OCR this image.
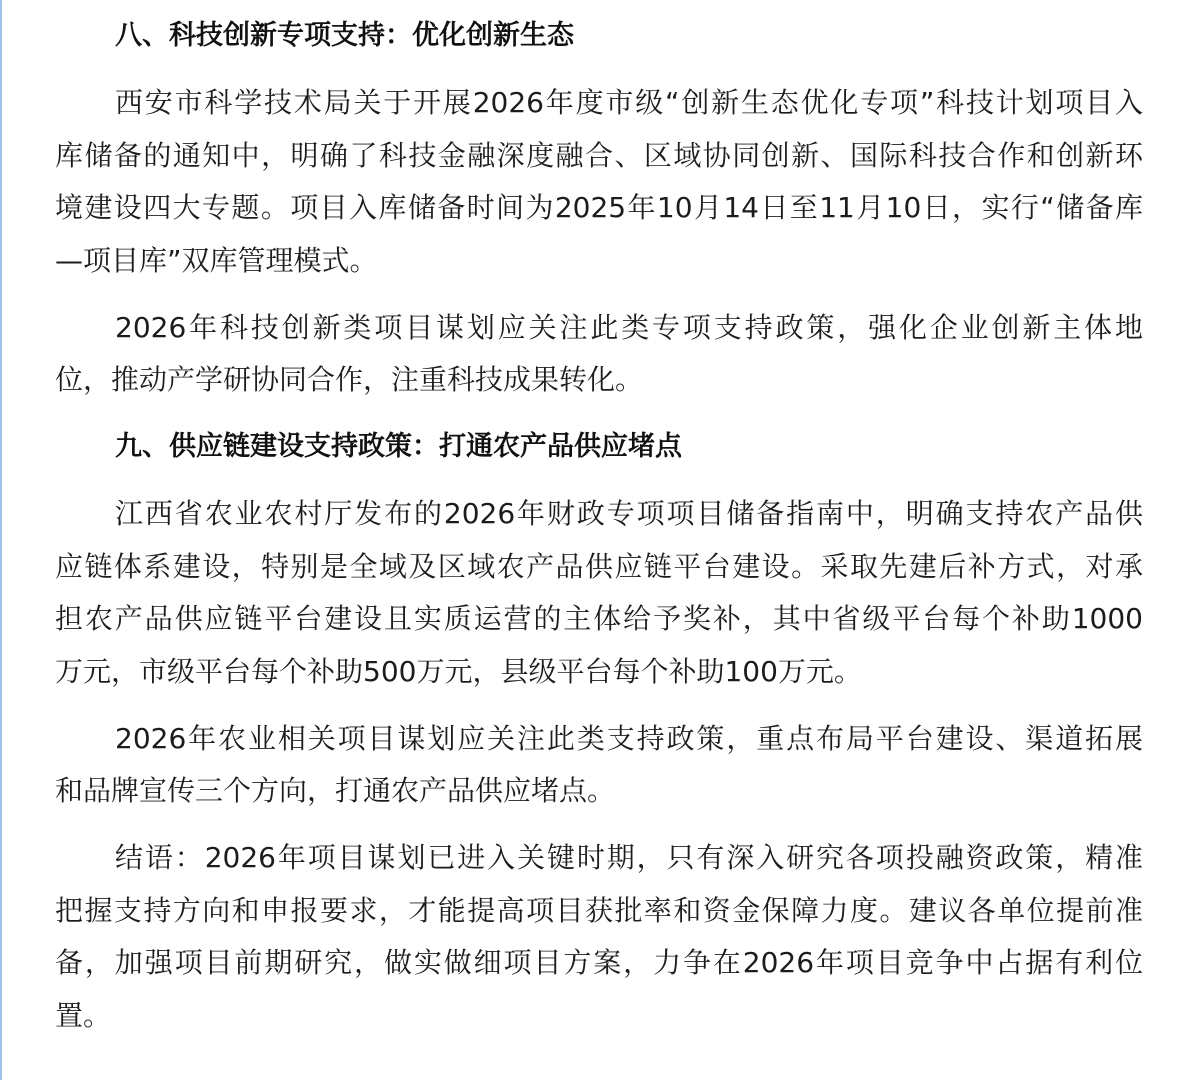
八、科技创新专项支持：优化创新生态
西安市科学技术局关于开展2026年度市级“创新生态优化专项”科技计划项目入
库储备的通知中，明确了科技金融深度融合、区域协同创新、国际科技合作和创新环
境建设四大专题。项目入库储备时间为2025年10月14日至11月10日，实行“储备库
—项目库”双库管理模式。
2026年科技创新类项目谋划应关注此类专项支持政策，强化企业创新主体地
位，推动产学研协同合作，注重科技成果转化。
九、供应链建设支持政策：打通农产品供应堵点
江西省农业农村厅发布的2026年财政专项项目储备指南中，明确支持农产品供
应链体系建设，特别是全域及区域农产品供应链平台建设。采取先建后补方式，对承
担农产品供应链平台建设且实质运营的主体给予奖补，其中省级平台每个补助1000
万元，市级平台每个补助500万元，县级平台每个补助100万元。
2026年农业相关项目谋划应关注此类支持政策，重点布局平台建设、渠道拓展
和品牌宣传三个方向，打通农产品供应堵点。
结语：2026年项目谋划已进入关键时期，只有深入研究各项投融资政策，精准
把握支持方向和申报要求，才能提高项目获批率和资金保障力度。建议各单位提前准
备，加强项目前期研究，做实做细项目方案，力争在2026年项目竞争中占据有利位
置。
